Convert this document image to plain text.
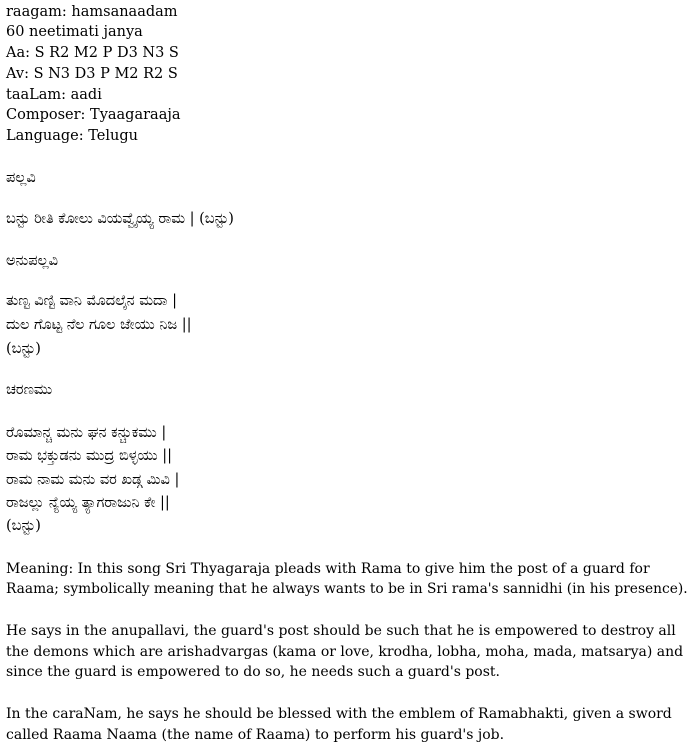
raagam: hamsanaadam

60 neetimati janya

Aa: S R2 M2 P D3 N3 S

Av: S N3 D3 P M2 R2 S

taaLam: aadi

Composer: Tyaagaraaja

Language: Telugu

ಪಲ್ಲವಿ

ಬನ್ಟು ರೀತಿ ಕೋಲು ವಿಯವ್ವೈಯ್ಯ ರಾಮ | (ಬನ್ಟು)

ಅನುಪಲ್ಲವಿ

ತುಣ್ಟ ವಿಣ್ಟಿ ವಾನಿ ಮೊದಲೈನ ಮದಾ |

ದುಲ ಗೊಟ್ಟ ನೆಲ ಗೂಲ ಜೇಯು ನಿಜ ||

(ಬನ್ಟು)

ಚರಣಮು

ರೊಮಾನ್ಚ ಮನು ಘನ ಕನ್ಚುಕಮು |

ರಾಮ ಭಕ್ತುಡನು ಮುದ್ರ ಬಿಳ್ಳಯು ||

ರಾಮ ನಾಮ ಮನು ವರ ಖಡ್ಗ ಮಿವಿ |

ರಾಜಲ್ಲು ನ್ಯೆಯ್ಯ ತ್ಯಾಗರಾಜುನಿ ಕೇ ||

(ಬನ್ಟು)

Meaning: In this song Sri Thyagaraja pleads with Rama to give him the post of a guard for

Raama; symbolically meaning that he always wants to be in Sri rama's sannidhi (in his presence).

He says in the anupallavi, the guard's post should be such that he is empowered to destroy all

the demons which are arishadvargas (kama or love, krodha, lobha, moha, mada, matsarya) and

since the guard is empowered to do so, he needs such a guard's post.

In the caraNam, he says he should be blessed with the emblem of Ramabhakti, given a sword

called Raama Naama (the name of Raama) to perform his guard's job.
